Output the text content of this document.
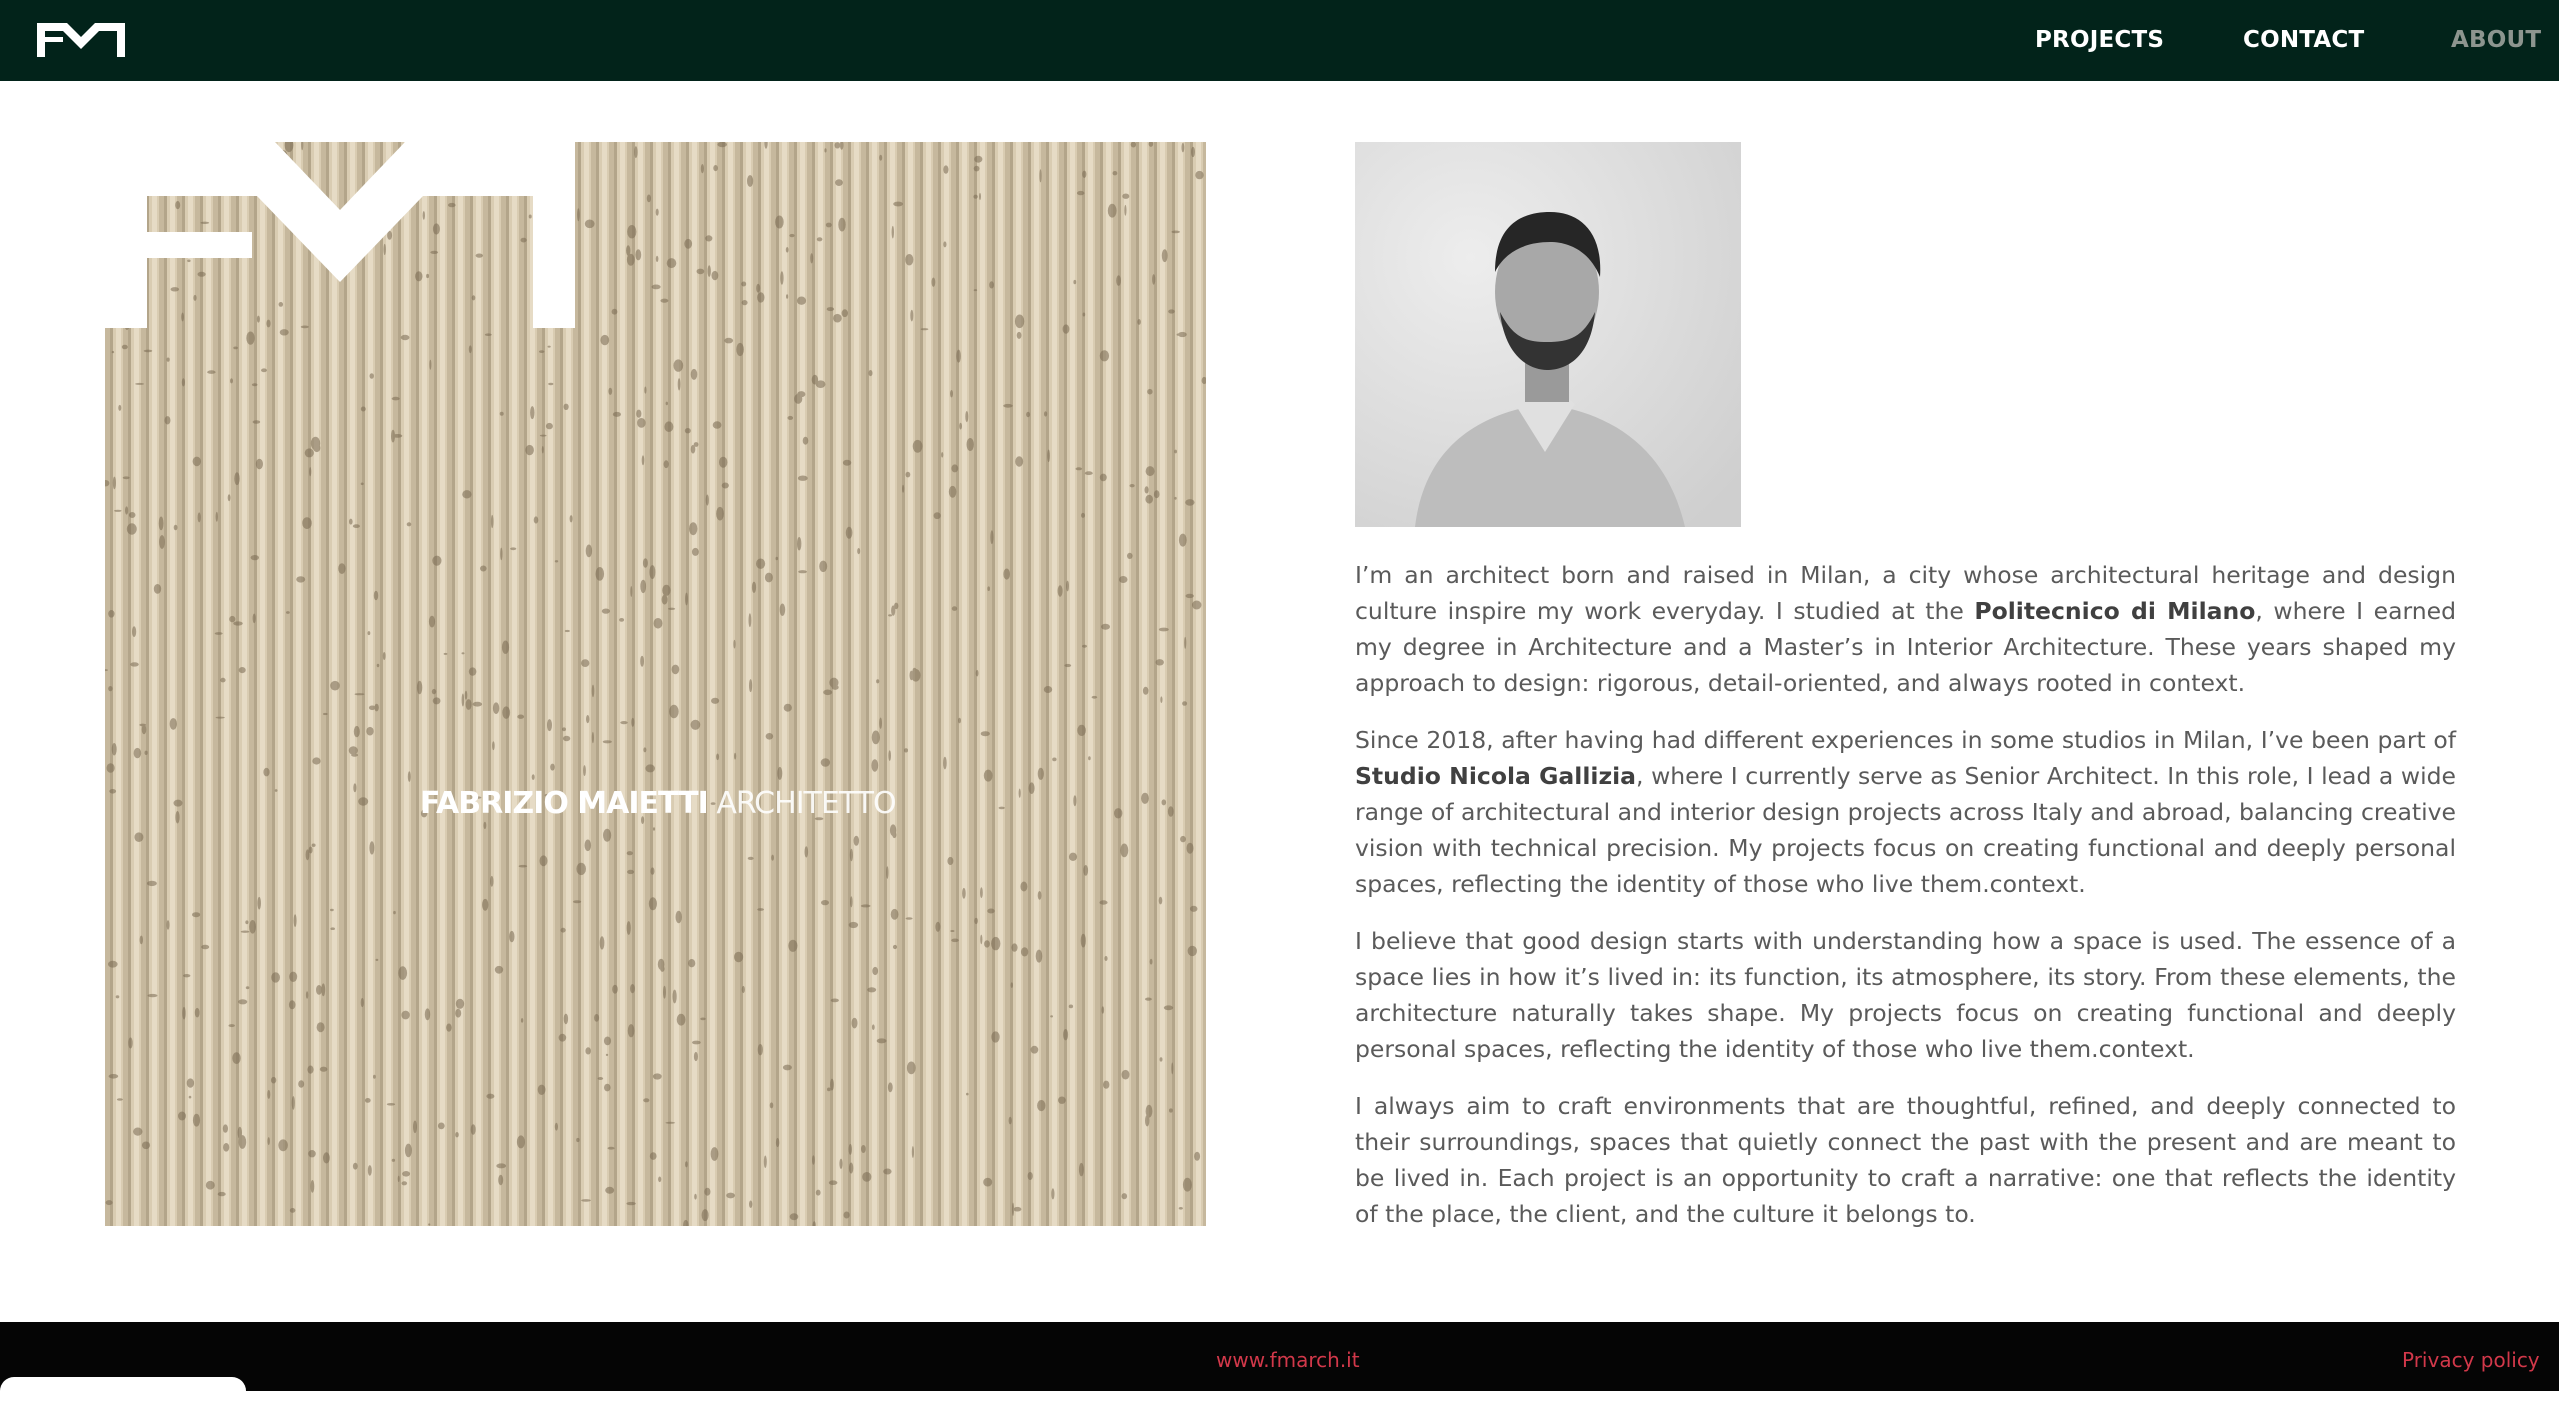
PROJECTS	CONTACT	ABOUT
FABRIZIO MAIETTI ARCHITETTO

I’m an architect born and raised in Milan, a city whose architectural heritage and design culture inspire my work everyday. I studied at the Politecnico di Milano, where I earned my degree in Architecture and a Master’s in Interior Architecture. These years shaped my approach to design: rigorous, detail-oriented, and always rooted in context.

Since 2018, after having had different experiences in some studios in Milan, I’ve been part of Studio Nicola Gallizia, where I currently serve as Senior Architect. In this role, I lead a wide range of architectural and interior design projects across Italy and abroad, balancing creative vision with technical precision. My projects focus on creating functional and deeply personal spaces, reflecting the identity of those who live them.context.

I believe that good design starts with understanding how a space is used. The essence of a space lies in how it’s lived in: its function, its atmosphere, its story. From these elements, the architecture naturally takes shape. My projects focus on creating functional and deeply personal spaces, reflecting the identity of those who live them.context.

I always aim to craft environments that are thoughtful, refined, and deeply connected to their surroundings, spaces that quietly connect the past with the present and are meant to be lived in. Each project is an opportunity to craft a narrative: one that reflects the identity of the place, the client, and the culture it belongs to.

www.fmarch.it	Privacy policy
